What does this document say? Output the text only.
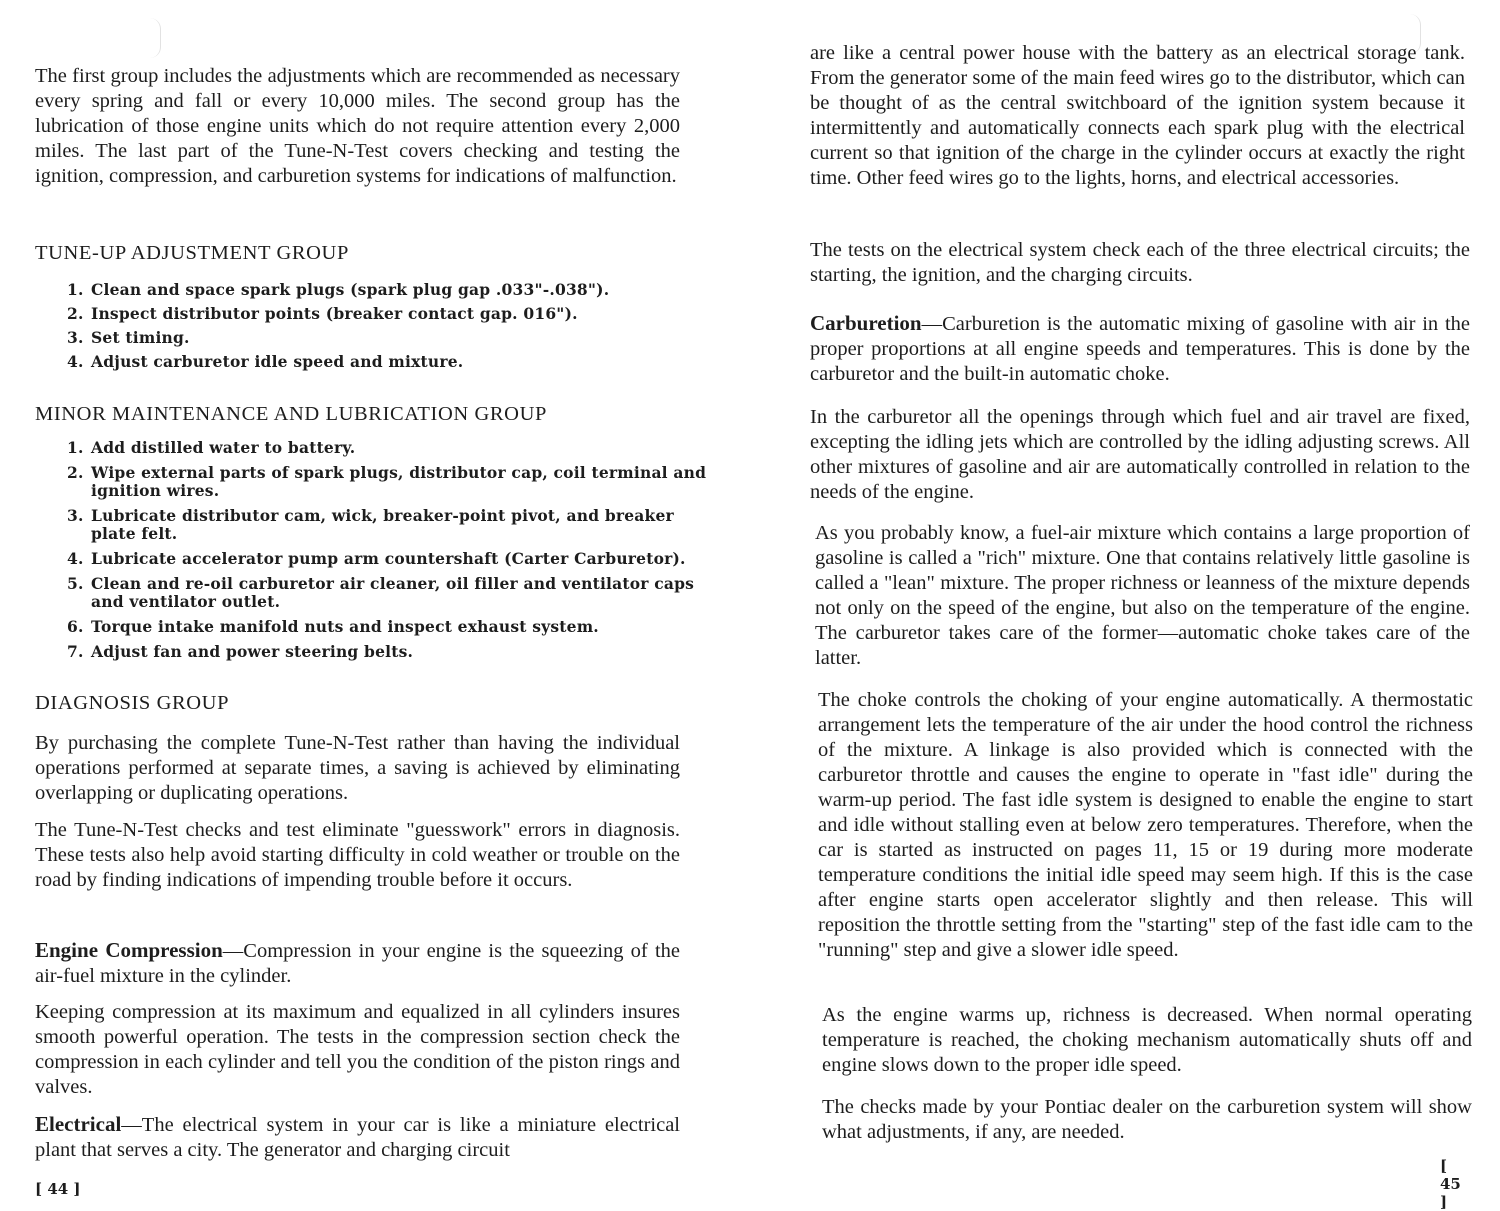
The first group includes the adjustments which are recommended as necessary every spring and fall or every 10,000 miles. The second group has the lubrication of those engine units which do not require attention every 2,000 miles. The last part of the Tune-N-Test covers checking and testing the ignition, compression, and carburetion systems for indications of malfunction.

TUNE-UP ADJUSTMENT GROUP
1. Clean and space spark plugs (spark plug gap .033"-.038").
2. Inspect distributor points (breaker contact gap. 016").
3. Set timing.
4. Adjust carburetor idle speed and mixture.
MINOR MAINTENANCE AND LUBRICATION GROUP
1. Add distilled water to battery.
2. Wipe external parts of spark plugs, distributor cap, coil terminal and ignition wires.
3. Lubricate distributor cam, wick, breaker-point pivot, and breaker plate felt.
4. Lubricate accelerator pump arm countershaft (Carter Carburetor).
5. Clean and re-oil carburetor air cleaner, oil filler and ventilator caps and ventilator outlet.
6. Torque intake manifold nuts and inspect exhaust system.
7. Adjust fan and power steering belts.
DIAGNOSIS GROUP

By purchasing the complete Tune-N-Test rather than having the individual operations performed at separate times, a saving is achieved by eliminating overlapping or duplicating operations.

The Tune-N-Test checks and test eliminate "guesswork" errors in diagnosis. These tests also help avoid starting difficulty in cold weather or trouble on the road by finding indications of impending trouble before it occurs.

Engine Compression—Compression in your engine is the squeezing of the air-fuel mixture in the cylinder.

Keeping compression at its maximum and equalized in all cylinders insures smooth powerful operation. The tests in the compression section check the compression in each cylinder and tell you the condition of the piston rings and valves.

Electrical—The electrical system in your car is like a miniature electrical plant that serves a city. The generator and charging circuit

[ 44 ]

are like a central power house with the battery as an electrical storage tank. From the generator some of the main feed wires go to the distributor, which can be thought of as the central switchboard of the ignition system because it intermittently and automatically connects each spark plug with the electrical current so that ignition of the charge in the cylinder occurs at exactly the right time. Other feed wires go to the lights, horns, and electrical accessories.

The tests on the electrical system check each of the three electrical circuits; the starting, the ignition, and the charging circuits.

Carburetion—Carburetion is the automatic mixing of gasoline with air in the proper proportions at all engine speeds and temperatures. This is done by the carburetor and the built-in automatic choke.

In the carburetor all the openings through which fuel and air travel are fixed, excepting the idling jets which are controlled by the idling adjusting screws. All other mixtures of gasoline and air are automatically controlled in relation to the needs of the engine.

As you probably know, a fuel-air mixture which contains a large proportion of gasoline is called a "rich" mixture. One that contains relatively little gasoline is called a "lean" mixture. The proper richness or leanness of the mixture depends not only on the speed of the engine, but also on the temperature of the engine. The carburetor takes care of the former—automatic choke takes care of the latter.

The choke controls the choking of your engine automatically. A thermostatic arrangement lets the temperature of the air under the hood control the richness of the mixture. A linkage is also provided which is connected with the carburetor throttle and causes the engine to operate in "fast idle" during the warm-up period. The fast idle system is designed to enable the engine to start and idle without stalling even at below zero temperatures. Therefore, when the car is started as instructed on pages 11, 15 or 19 during more moderate temperature conditions the initial idle speed may seem high. If this is the case after engine starts open accelerator slightly and then release. This will reposition the throttle setting from the "starting" step of the fast idle cam to the "running" step and give a slower idle speed.

As the engine warms up, richness is decreased. When normal operating temperature is reached, the choking mechanism automatically shuts off and engine slows down to the proper idle speed.

The checks made by your Pontiac dealer on the carburetion system will show what adjustments, if any, are needed.

[ 45 ]
